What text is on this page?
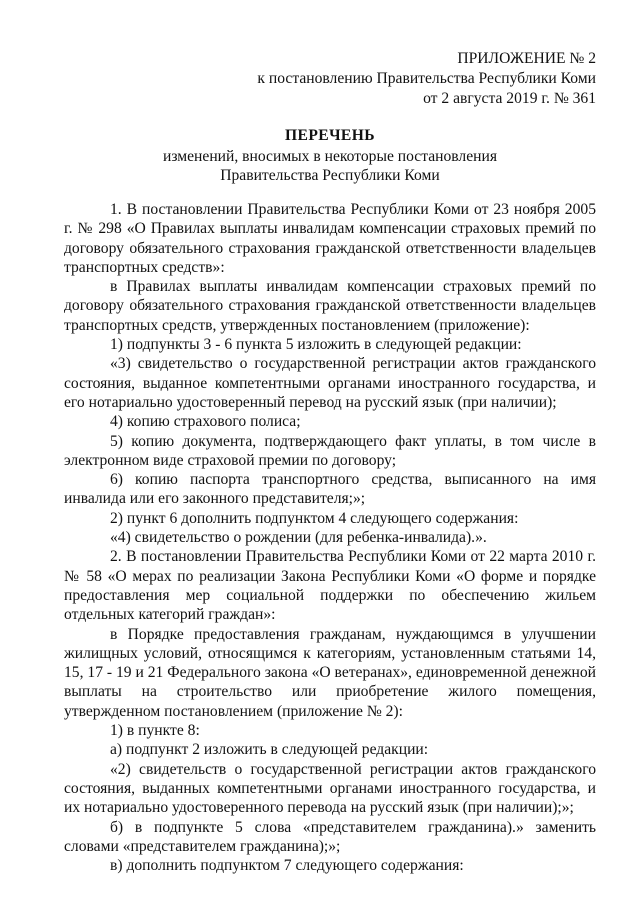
ПРИЛОЖЕНИЕ № 2
к постановлению Правительства Республики Коми
от 2 августа 2019 г. № 361
ПЕРЕЧЕНЬ
изменений, вносимых в некоторые постановления
Правительства Республики Коми

1. В постановлении Правительства Республики Коми от 23 ноября 2005 г. № 298 «О Правилах выплаты инвалидам компенсации страховых премий по договору обязательного страхования гражданской ответственности владельцев транспортных средств»:

в Правилах выплаты инвалидам компенсации страховых премий по договору обязательного страхования гражданской ответственности владельцев транспортных средств, утвержденных постановлением (приложение):

1) подпункты 3 - 6 пункта 5 изложить в следующей редакции:

«3) свидетельство о государственной регистрации актов гражданского состояния, выданное компетентными органами иностранного государства, и его нотариально удостоверенный перевод на русский язык (при наличии);

4) копию страхового полиса;

5) копию документа, подтверждающего факт уплаты, в том числе в электронном виде страховой премии по договору;

6) копию паспорта транспортного средства, выписанного на имя инвалида или его законного представителя;»;

2) пункт 6 дополнить подпунктом 4 следующего содержания:

«4) свидетельство о рождении (для ребенка-инвалида).».

2. В постановлении Правительства Республики Коми от 22 марта 2010 г. № 58 «О мерах по реализации Закона Республики Коми «О форме и порядке предоставления мер социальной поддержки по обеспечению жильем отдельных категорий граждан»:

в Порядке предоставления гражданам, нуждающимся в улучшении жилищных условий, относящимся к категориям, установленным статьями 14, 15, 17 - 19 и 21 Федерального закона «О ветеранах», единовременной денежной выплаты на строительство или приобретение жилого помещения, утвержденном постановлением (приложение № 2):

1) в пункте 8:

а) подпункт 2 изложить в следующей редакции:

«2) свидетельств о государственной регистрации актов гражданского состояния, выданных компетентными органами иностранного государства, и их нотариально удостоверенного перевода на русский язык (при наличии);»;

б) в подпункте 5 слова «представителем гражданина).» заменить словами «представителем гражданина);»;

в) дополнить подпунктом 7 следующего содержания:
